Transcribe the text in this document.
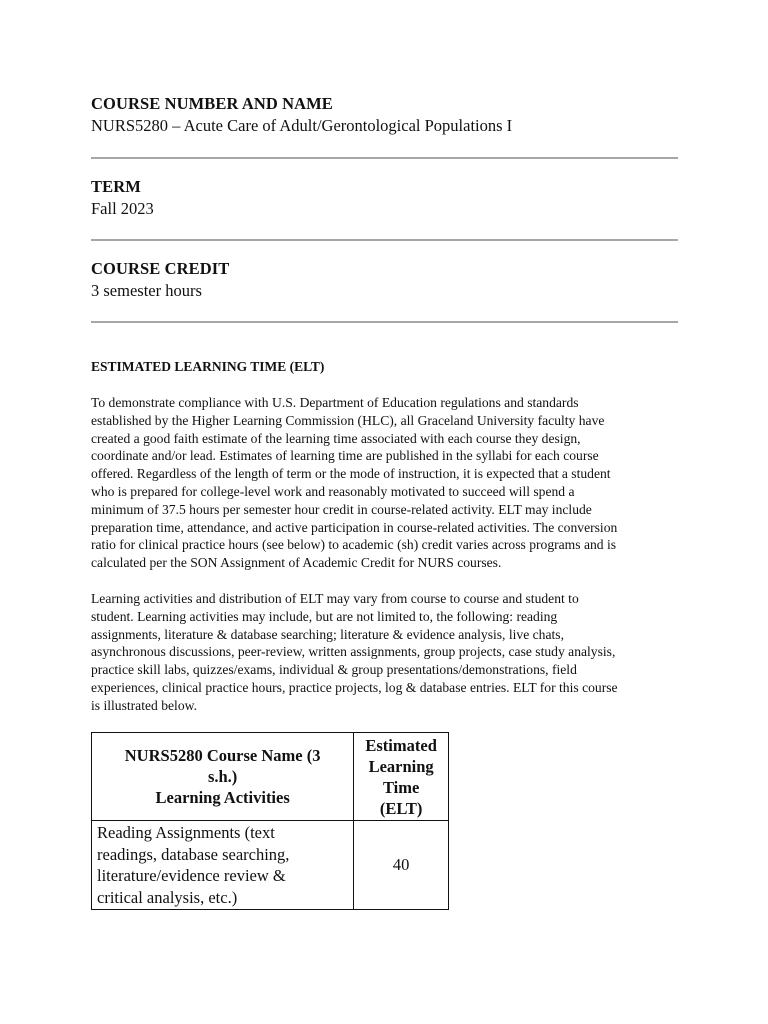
COURSE NUMBER AND NAME
NURS5280 – Acute Care of Adult/Gerontological Populations I
TERM
Fall 2023
COURSE CREDIT
3 semester hours
ESTIMATED LEARNING TIME (ELT)
To demonstrate compliance with U.S. Department of Education regulations and standards
established by the Higher Learning Commission (HLC), all Graceland University faculty have
created a good faith estimate of the learning time associated with each course they design,
coordinate and/or lead. Estimates of learning time are published in the syllabi for each course
offered. Regardless of the length of term or the mode of instruction, it is expected that a student
who is prepared for college-level work and reasonably motivated to succeed will spend a
minimum of 37.5 hours per semester hour credit in course-related activity. ELT may include
preparation time, attendance, and active participation in course-related activities. The conversion
ratio for clinical practice hours (see below) to academic (sh) credit varies across programs and is
calculated per the SON Assignment of Academic Credit for NURS courses.
Learning activities and distribution of ELT may vary from course to course and student to
student. Learning activities may include, but are not limited to, the following: reading
assignments, literature & database searching; literature & evidence analysis, live chats,
asynchronous discussions, peer-review, written assignments, group projects, case study analysis,
practice skill labs, quizzes/exams, individual & group presentations/demonstrations, field
experiences, clinical practice hours, practice projects, log & database entries. ELT for this course
is illustrated below.
NURS5280 Course Name (3
s.h.)
Learning Activities	Estimated
Learning
Time
(ELT)

Reading Assignments (text
readings, database searching,
literature/evidence review &
critical analysis, etc.)	40
